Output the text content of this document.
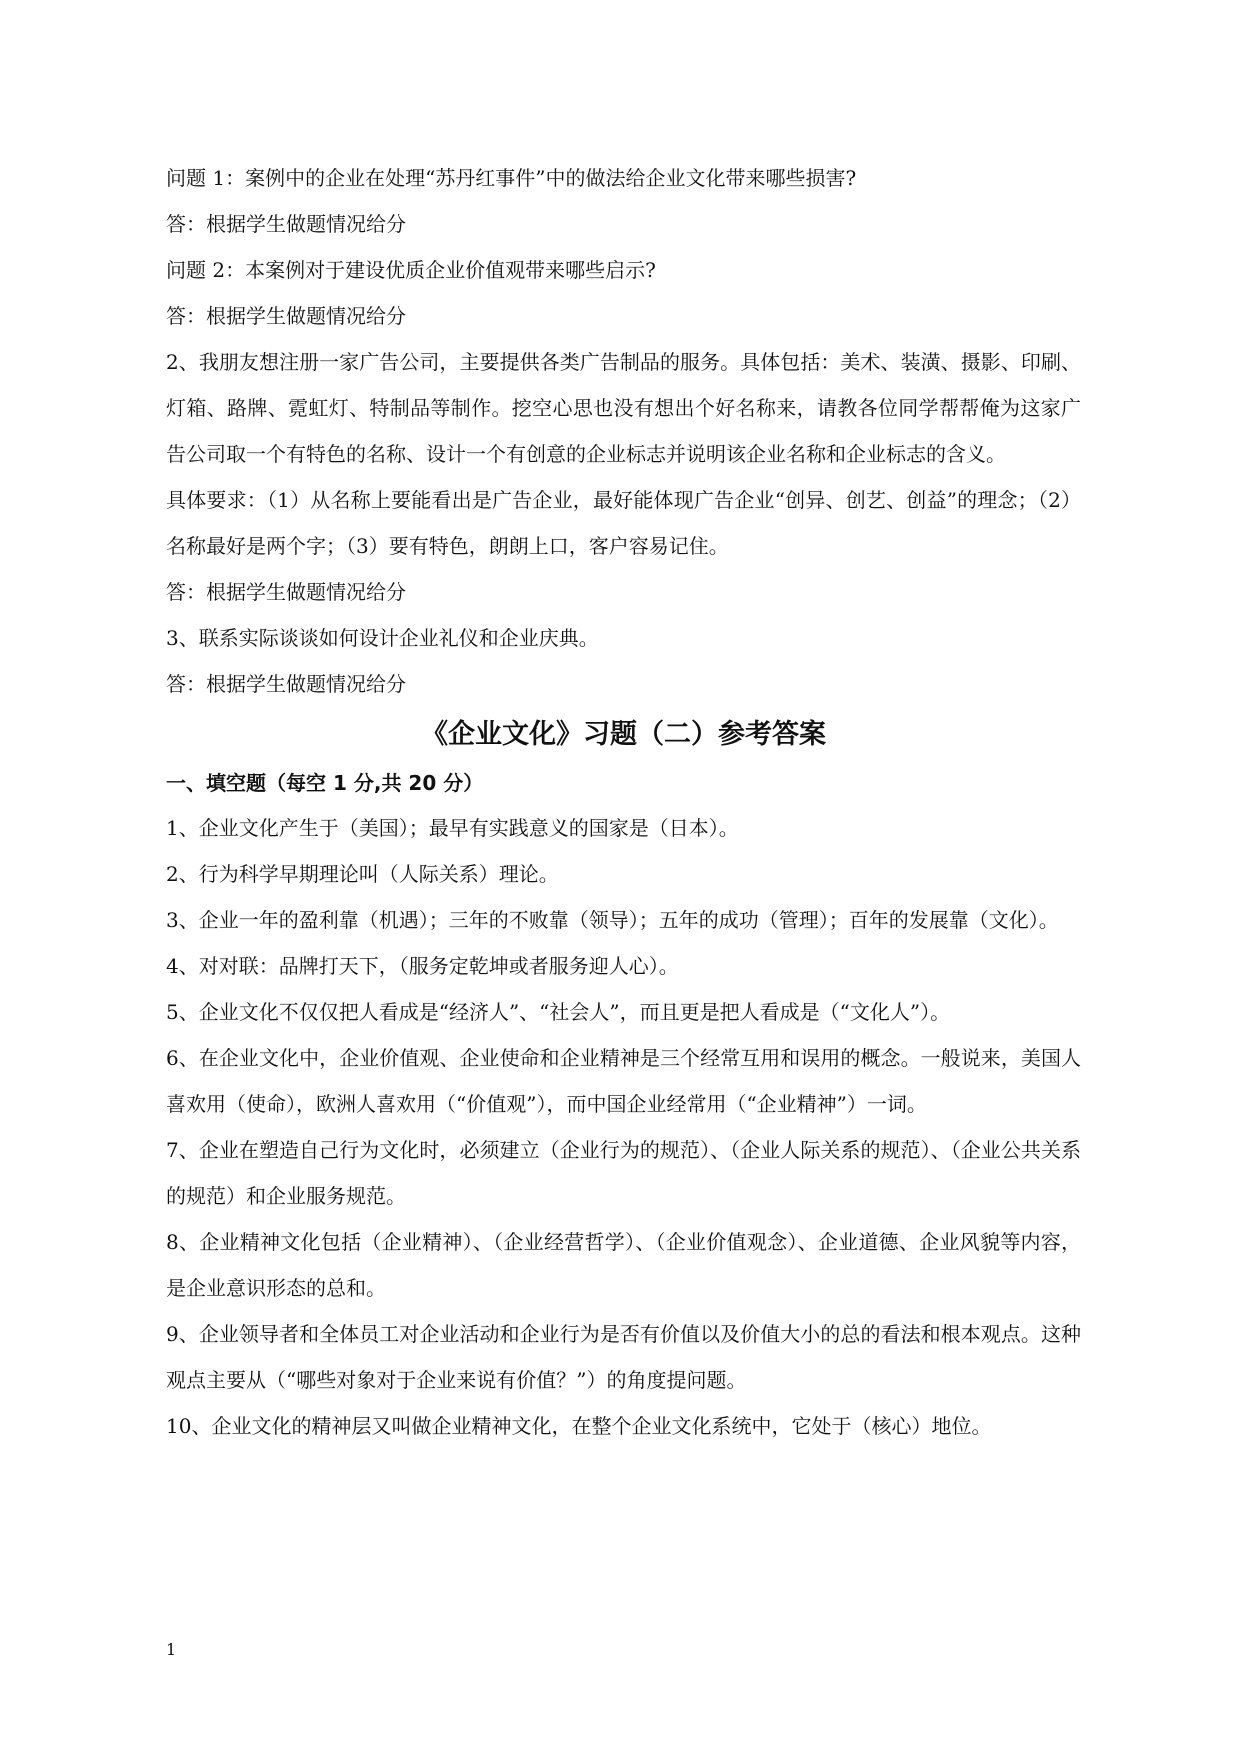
问题 1：案例中的企业在处理“苏丹红事件”中的做法给企业文化带来哪些损害?

答：根据学生做题情况给分

问题 2：本案例对于建设优质企业价值观带来哪些启示?

答：根据学生做题情况给分

2、我朋友想注册一家广告公司，主要提供各类广告制品的服务。具体包括：美术、装潢、摄影、印刷、灯箱、路牌、霓虹灯、特制品等制作。挖空心思也没有想出个好名称来，请教各位同学帮帮俺为这家广告公司取一个有特色的名称、设计一个有创意的企业标志并说明该企业名称和企业标志的含义。

具体要求：（1）从名称上要能看出是广告企业，最好能体现广告企业“创异、创艺、创益”的理念；（2）名称最好是两个字；（3）要有特色，朗朗上口，客户容易记住。

答：根据学生做题情况给分

3、联系实际谈谈如何设计企业礼仪和企业庆典。

答：根据学生做题情况给分

《企业文化》习题（二）参考答案
一、填空题（每空 1 分,共 20 分）

1、企业文化产生于（美国）；最早有实践意义的国家是（日本）。

2、行为科学早期理论叫（人际关系）理论。

3、企业一年的盈利靠（机遇）；三年的不败靠（领导）；五年的成功（管理）；百年的发展靠（文化）。

4、对对联：品牌打天下，（服务定乾坤或者服务迎人心）。

5、企业文化不仅仅把人看成是“经济人”、“社会人”，而且更是把人看成是（“文化人”）。

6、在企业文化中，企业价值观、企业使命和企业精神是三个经常互用和误用的概念。一般说来，美国人喜欢用（使命），欧洲人喜欢用（“价值观”），而中国企业经常用（“企业精神”）一词。

7、企业在塑造自己行为文化时，必须建立（企业行为的规范）、（企业人际关系的规范）、（企业公共关系的规范）和企业服务规范。

8、企业精神文化包括（企业精神）、（企业经营哲学）、（企业价值观念）、企业道德、企业风貌等内容，是企业意识形态的总和。

9、企业领导者和全体员工对企业活动和企业行为是否有价值以及价值大小的总的看法和根本观点。这种观点主要从（“哪些对象对于企业来说有价值？”）的角度提问题。

10、企业文化的精神层又叫做企业精神文化，在整个企业文化系统中，它处于（核心）地位。

1
